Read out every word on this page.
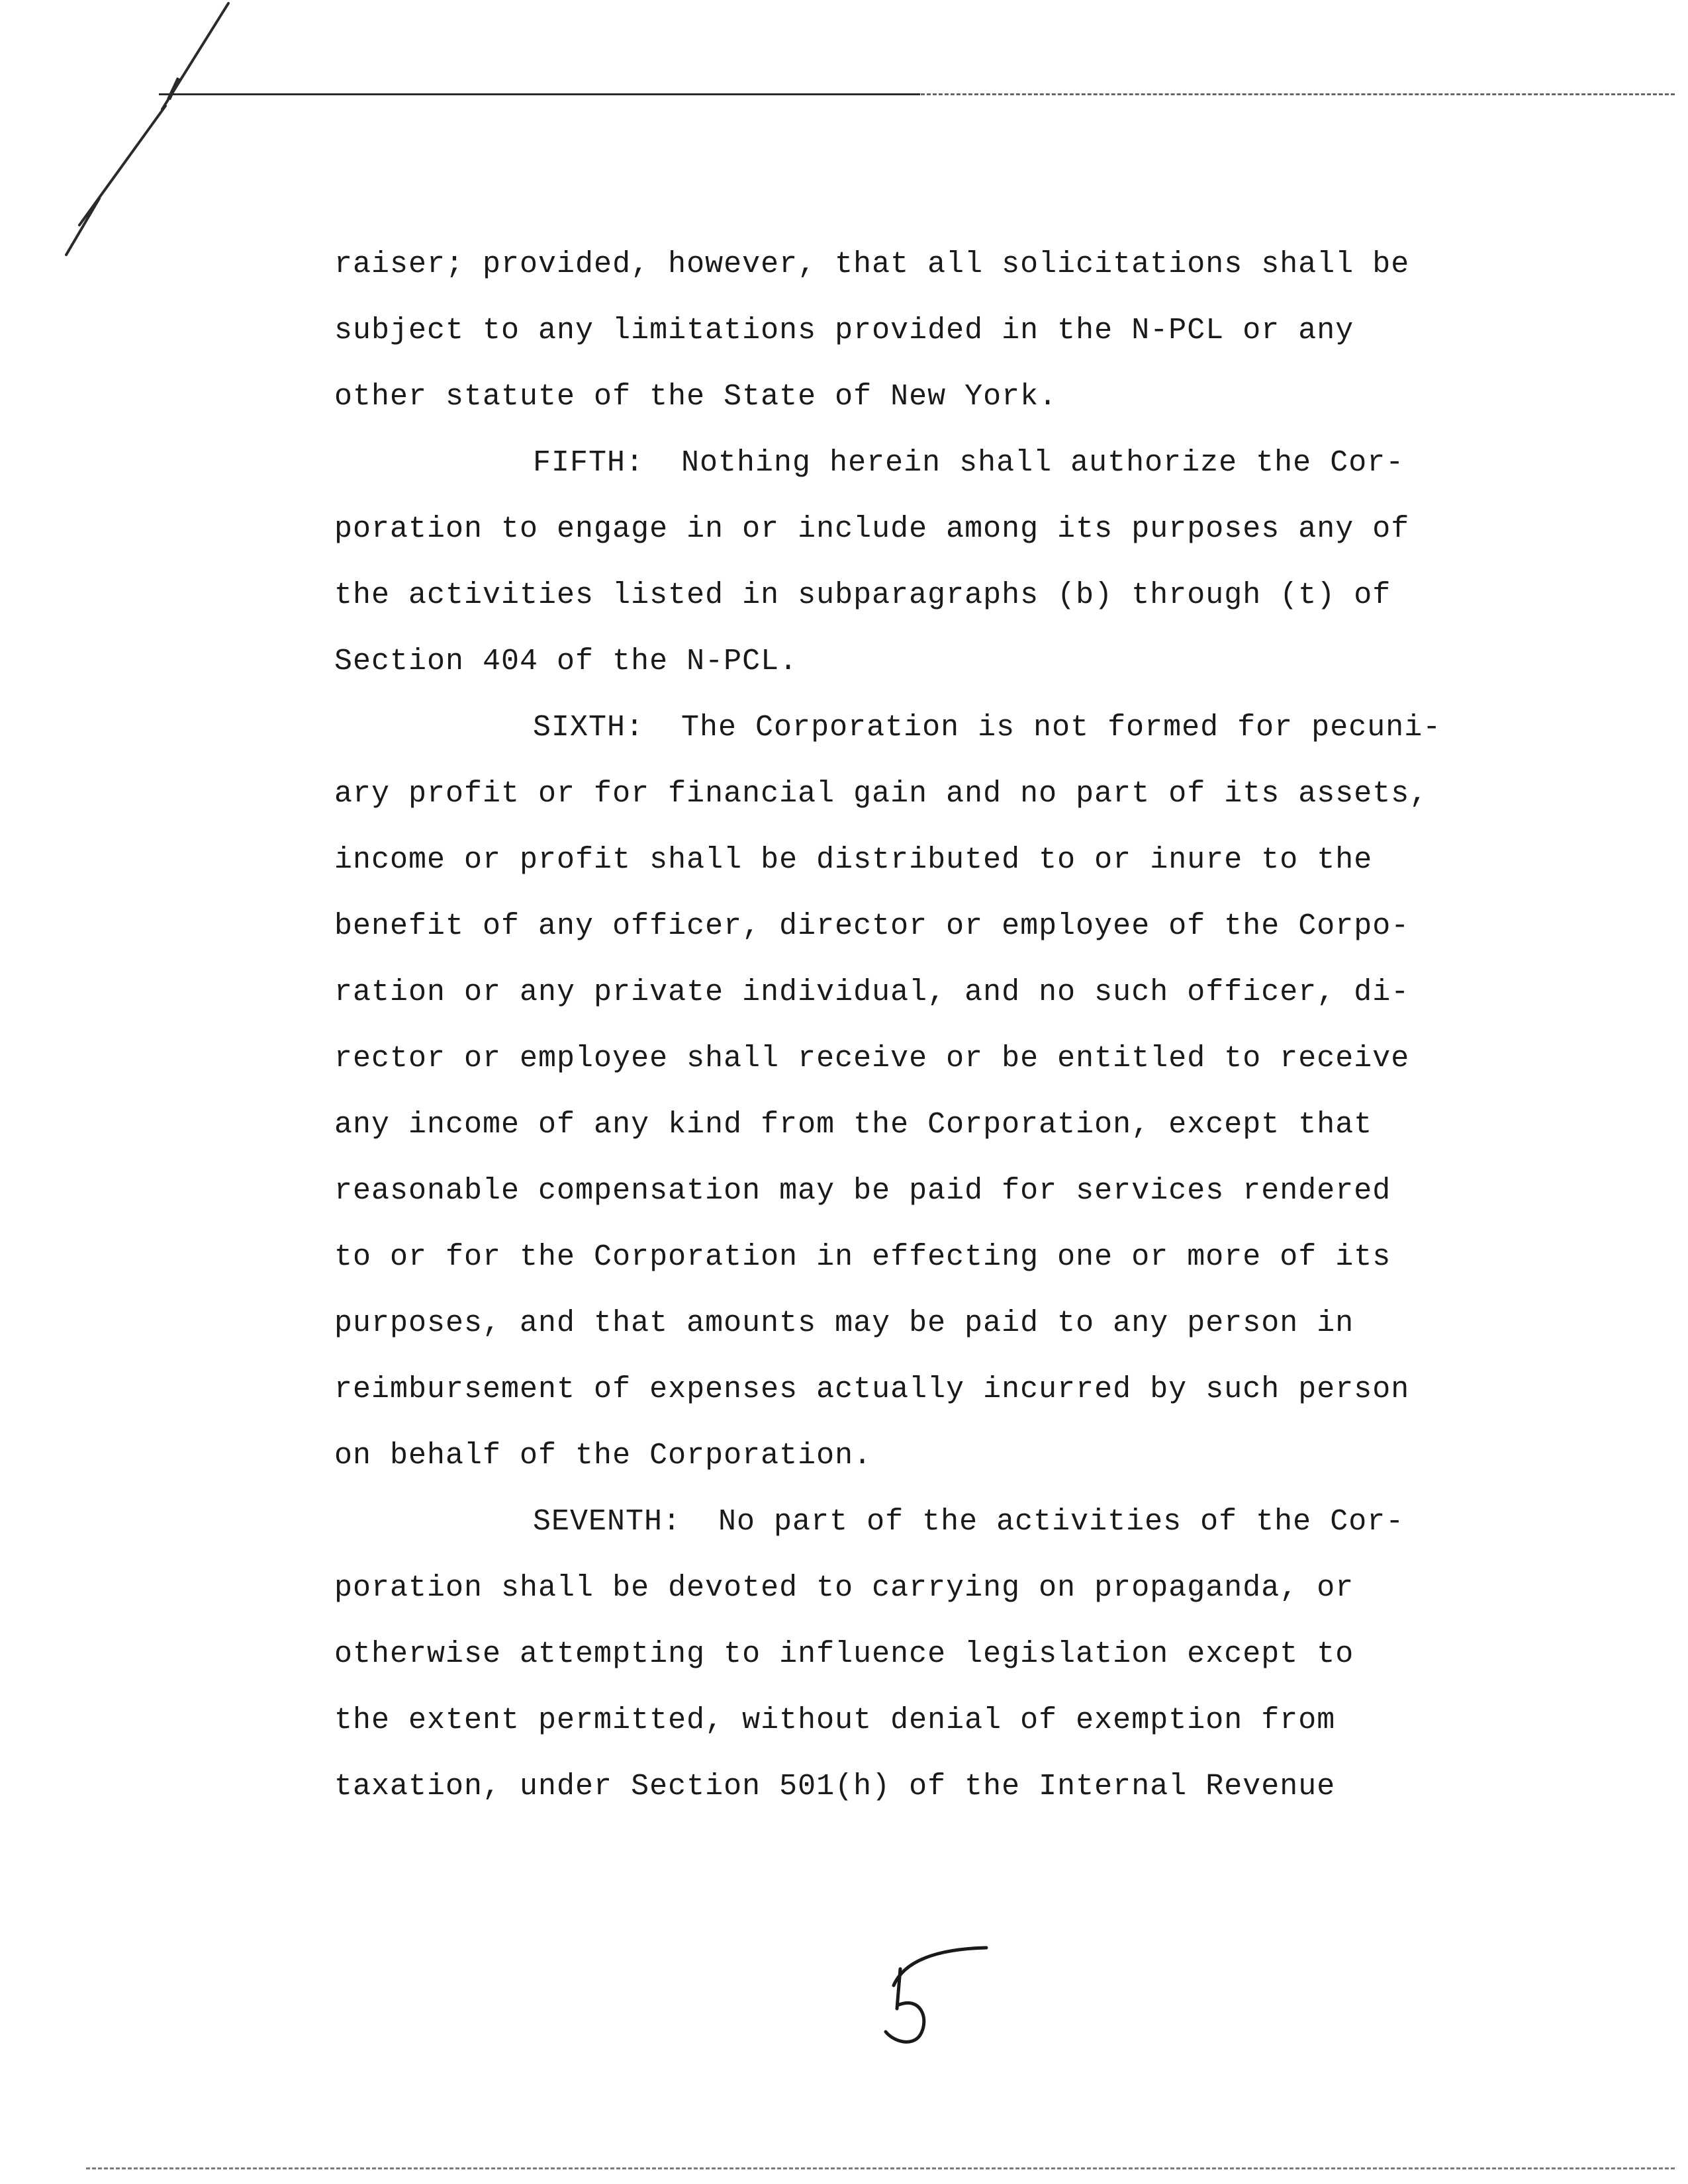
raiser; provided, however, that all solicitations shall be
subject to any limitations provided in the N-PCL or any
other statute of the State of New York.
FIFTH:  Nothing herein shall authorize the Cor-
poration to engage in or include among its purposes any of
the activities listed in subparagraphs (b) through (t) of
Section 404 of the N-PCL.
SIXTH:  The Corporation is not formed for pecuni-
ary profit or for financial gain and no part of its assets,
income or profit shall be distributed to or inure to the
benefit of any officer, director or employee of the Corpo-
ration or any private individual, and no such officer, di-
rector or employee shall receive or be entitled to receive
any income of any kind from the Corporation, except that
reasonable compensation may be paid for services rendered
to or for the Corporation in effecting one or more of its
purposes, and that amounts may be paid to any person in
reimbursement of expenses actually incurred by such person
on behalf of the Corporation.
SEVENTH:  No part of the activities of the Cor-
poration shall be devoted to carrying on propaganda, or
otherwise attempting to influence legislation except to
the extent permitted, without denial of exemption from
taxation, under Section 501(h) of the Internal Revenue
